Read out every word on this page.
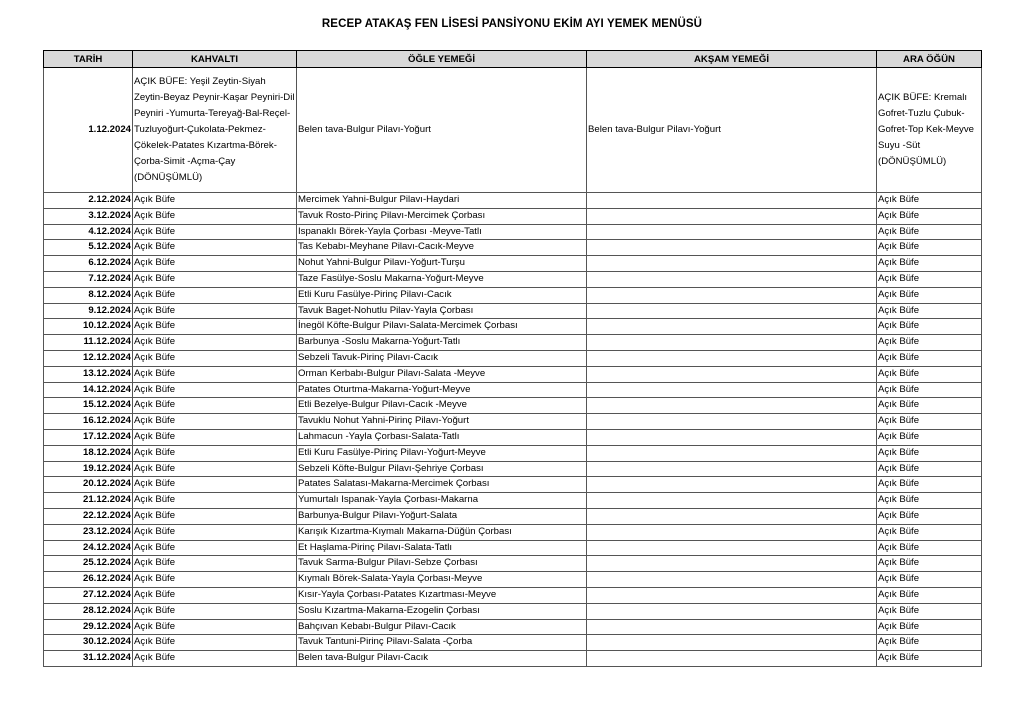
RECEP ATAKAŞ FEN LİSESİ PANSİYONU EKİM AYI YEMEK MENÜSÜ
TARİH	KAHVALTI	ÖĞLE YEMEĞİ	AKŞAM YEMEĞİ	ARA ÖĞÜN
1.12.2024	AÇIK BÜFE: Yeşil Zeytin-Siyah Zeytin-Beyaz Peynir-Kaşar Peyniri-Dil Peyniri -Yumurta-Tereyağ-Bal-Reçel-Tuzluyoğurt-Çukolata-Pekmez-Çökelek-Patates Kızartma-Börek-Çorba-Simit -Açma-Çay (DÖNÜŞÜMLÜ)	Belen tava-Bulgur Pilavı-Yoğurt	Belen tava-Bulgur Pilavı-Yoğurt	AÇIK BÜFE: Kremalı Gofret-Tuzlu Çubuk-Gofret-Top Kek-Meyve Suyu -Süt (DÖNÜŞÜMLÜ)
2.12.2024	Açık Büfe	Mercimek Yahni-Bulgur Pilavı-Haydari		Açık Büfe
3.12.2024	Açık Büfe	Tavuk Rosto-Pirinç Pilavı-Mercimek Çorbası		Açık Büfe
4.12.2024	Açık Büfe	Ispanaklı Börek-Yayla Çorbası -Meyve-Tatlı		Açık Büfe
5.12.2024	Açık Büfe	Tas Kebabı-Meyhane Pilavı-Cacık-Meyve		Açık Büfe
6.12.2024	Açık Büfe	Nohut Yahni-Bulgur Pilavı-Yoğurt-Turşu		Açık Büfe
7.12.2024	Açık Büfe	Taze Fasülye-Soslu Makarna-Yoğurt-Meyve		Açık Büfe
8.12.2024	Açık Büfe	Etli Kuru Fasülye-Pirinç Pilavı-Cacık		Açık Büfe
9.12.2024	Açık Büfe	Tavuk Baget-Nohutlu Pilav-Yayla Çorbası		Açık Büfe
10.12.2024	Açık Büfe	İnegöl Köfte-Bulgur Pilavı-Salata-Mercimek Çorbası		Açık Büfe
11.12.2024	Açık Büfe	Barbunya -Soslu Makarna-Yoğurt-Tatlı		Açık Büfe
12.12.2024	Açık Büfe	Sebzeli Tavuk-Pirinç Pilavı-Cacık		Açık Büfe
13.12.2024	Açık Büfe	Orman Kerbabı-Bulgur Pilavı-Salata -Meyve		Açık Büfe
14.12.2024	Açık Büfe	Patates Oturtma-Makarna-Yoğurt-Meyve		Açık Büfe
15.12.2024	Açık Büfe	Etli Bezelye-Bulgur Pilavı-Cacık -Meyve		Açık Büfe
16.12.2024	Açık Büfe	Tavuklu Nohut Yahni-Pirinç Pilavı-Yoğurt		Açık Büfe
17.12.2024	Açık Büfe	Lahmacun -Yayla Çorbası-Salata-Tatlı		Açık Büfe
18.12.2024	Açık Büfe	Etli Kuru Fasülye-Pirinç Pilavı-Yoğurt-Meyve		Açık Büfe
19.12.2024	Açık Büfe	Sebzeli Köfte-Bulgur Pilavı-Şehriye Çorbası		Açık Büfe
20.12.2024	Açık Büfe	Patates Salatası-Makarna-Mercimek Çorbası		Açık Büfe
21.12.2024	Açık Büfe	Yumurtalı Ispanak-Yayla Çorbası-Makarna		Açık Büfe
22.12.2024	Açık Büfe	Barbunya-Bulgur Pilavı-Yoğurt-Salata		Açık Büfe
23.12.2024	Açık Büfe	Karışık Kızartma-Kıymalı Makarna-Düğün Çorbası		Açık Büfe
24.12.2024	Açık Büfe	Et Haşlama-Pirinç Pilavı-Salata-Tatlı		Açık Büfe
25.12.2024	Açık Büfe	Tavuk Sarma-Bulgur Pilavı-Sebze Çorbası		Açık Büfe
26.12.2024	Açık Büfe	Kıymalı Börek-Salata-Yayla Çorbası-Meyve		Açık Büfe
27.12.2024	Açık Büfe	Kısır-Yayla Çorbası-Patates Kızartması-Meyve		Açık Büfe
28.12.2024	Açık Büfe	Soslu Kızartma-Makarna-Ezogelin Çorbası		Açık Büfe
29.12.2024	Açık Büfe	Bahçıvan Kebabı-Bulgur Pilavı-Cacık		Açık Büfe
30.12.2024	Açık Büfe	Tavuk Tantuni-Pirinç Pilavı-Salata -Çorba		Açık Büfe
31.12.2024	Açık Büfe	Belen tava-Bulgur Pilavı-Cacık		Açık Büfe
